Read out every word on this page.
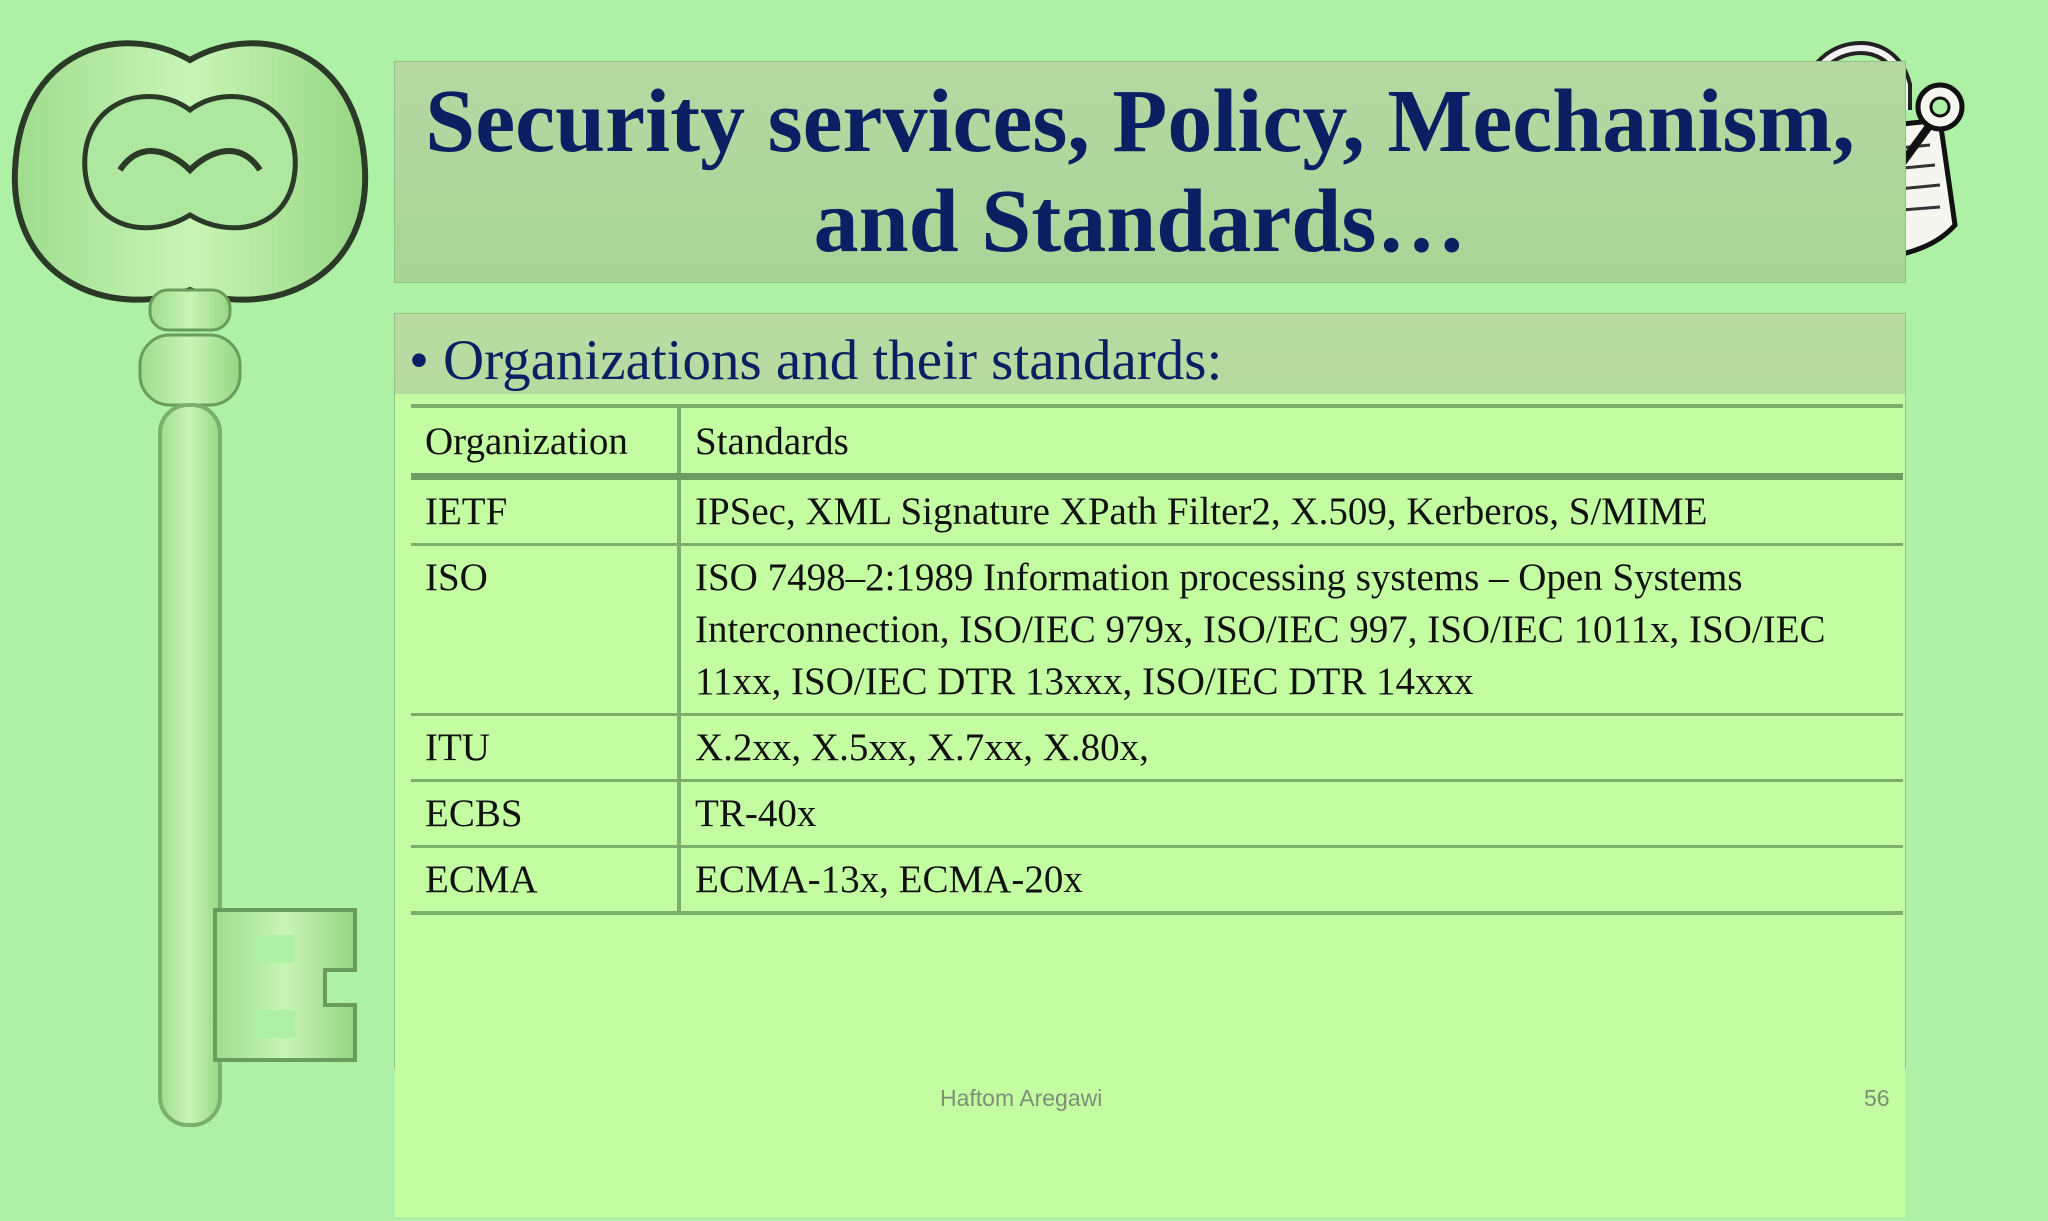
Security services, Policy, Mechanism, and Standards…
• Organizations and their standards:
Organization	Standards
IETF	IPSec, XML Signature XPath Filter2, X.509, Kerberos, S/MIME
ISO	ISO 7498–2:1989 Information processing systems – Open Systems Interconnection, ISO/IEC 979x, ISO/IEC 997, ISO/IEC 1011x, ISO/IEC 11xx, ISO/IEC DTR 13xxx, ISO/IEC DTR 14xxx
ITU	X.2xx, X.5xx, X.7xx, X.80x,
ECBS	TR-40x
ECMA	ECMA-13x, ECMA-20x
Haftom Aregawi	56
